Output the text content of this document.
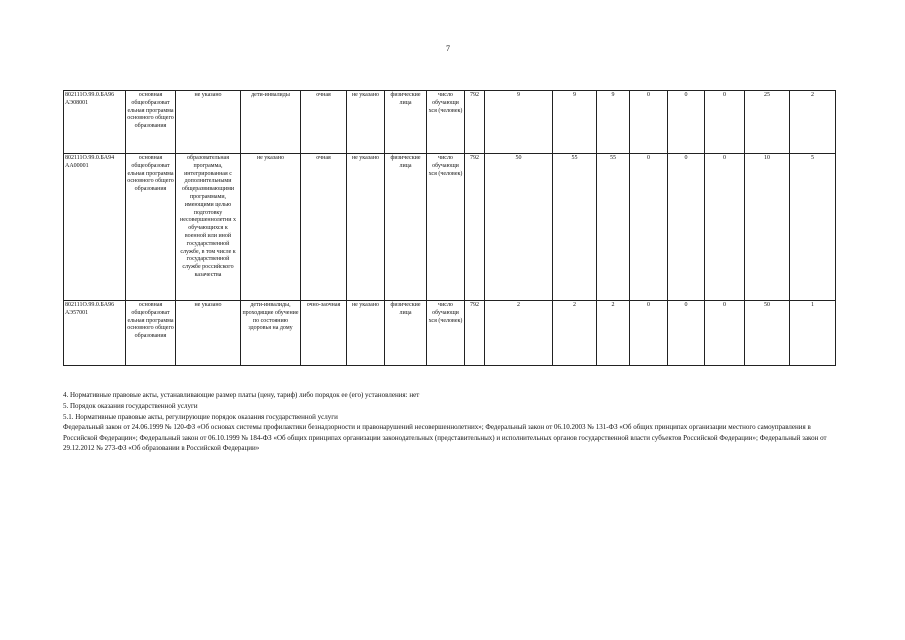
7
802111О.99.0.БА96 АЭ08001	основная общеобразоват ельная программа основного общего образования	не указано	дети-инвалиды	очная	не указано	физические лица	число обучающи хся (человек)	792	9	9	9	0	0	0	25	2
802111О.99.0.БА94 АА00001	основная общеобразоват ельная программа основного общего образования	образовательная программа, интегрированная с дополнительными общеразвивающими программами, имеющими целью подготовку несовершеннолетни х обучающихся к военной или иной государственной службе, в том числе к государственной службе российского казачества	не указано	очная	не указано	физические лица	число обучающи хся (человек)	792	50	55	55	0	0	0	10	5
802111О.99.0.БА96 АЭ57001	основная общеобразоват ельная программа основного общего образования	не указано	дети-инвалиды, проходящие обучение по состоянию здоровья на дому	очно-заочная	не указано	физические лица	число обучающи хся (человек)	792	2	2	2	0	0	0	50	1
4. Нормативные правовые акты, устанавливающие размер платы (цену, тариф) либо порядок ее (его) установления: нет
5. Порядок оказания государственной услуги
5.1. Нормативные правовые акты, регулирующие порядок оказания государственной услуги
Федеральный закон от 24.06.1999 № 120-ФЗ «Об основах системы профилактики безнадзорности и правонарушений несовершеннолетних»; Федеральный закон от 06.10.2003 № 131-ФЗ «Об общих принципах организации местного самоуправления в Российской Федерации»; Федеральный закон от 06.10.1999 № 184-ФЗ «Об общих принципах организации законодательных (представительных) и исполнительных органов государственной власти субъектов Российской Федерации»; Федеральный закон от 29.12.2012 № 273-ФЗ «Об образовании в Российской Федерации»
